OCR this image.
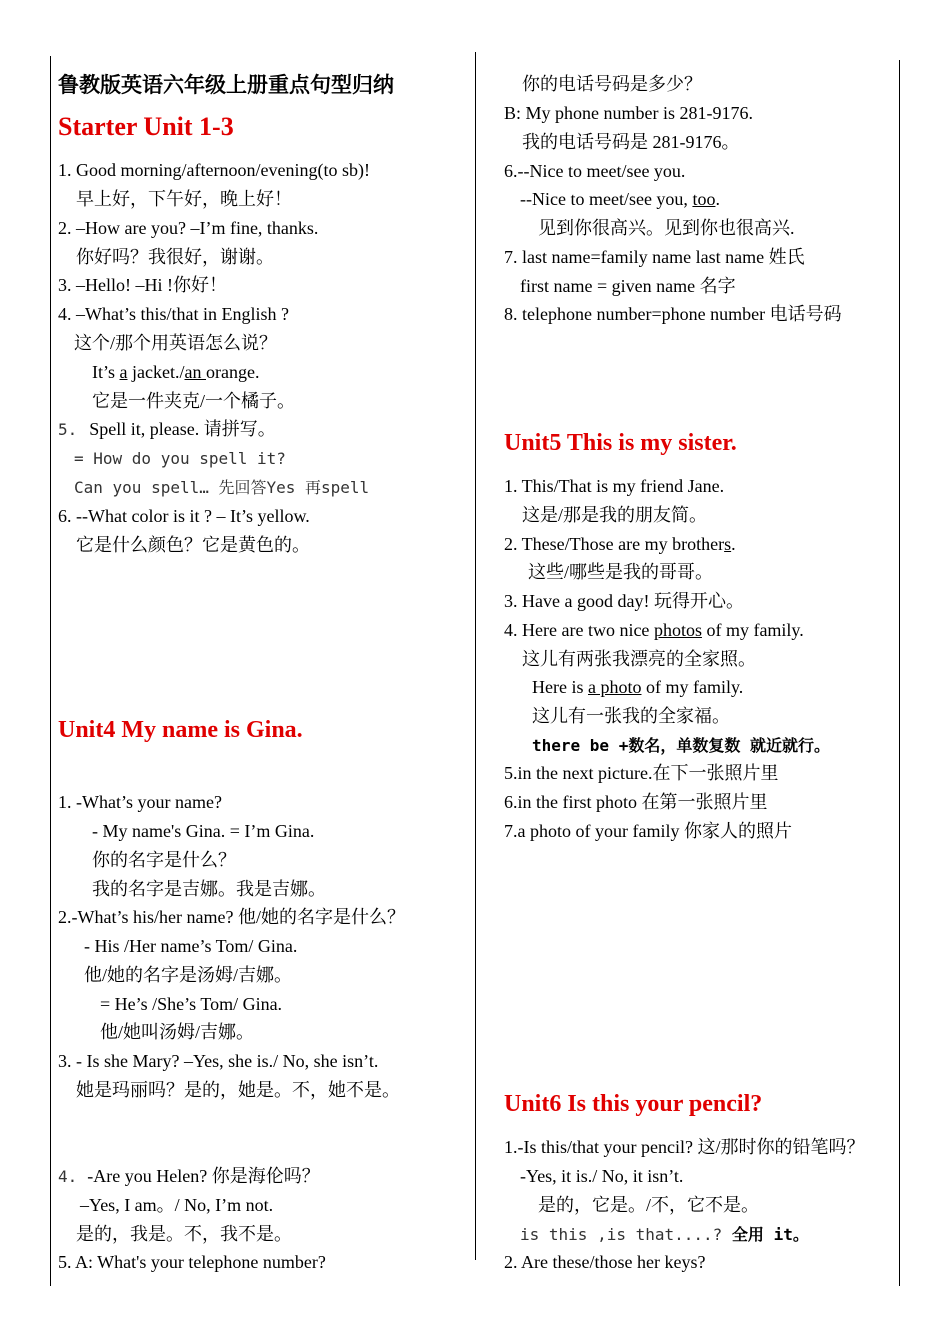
鲁教版英语六年级上册重点句型归纳
Starter Unit 1-3
1. Good morning/afternoon/evening(to sb)!
早上好，下午好，晚上好！
2. –How are you? –I’m fine, thanks.
你好吗？我很好，谢谢。
3. –Hello! –Hi !你好！
4. –What’s this/that in English ?
这个/那个用英语怎么说？
It’s a jacket./an orange.
它是一件夹克/一个橘子。
5. Spell it, please. 请拼写。
= How do you spell it?
Can you spell… 先回答Yes 再spell
6. --What color is it ? – It’s yellow.
它是什么颜色？它是黄色的。
Unit4 My name is Gina.
1. -What’s your name?
- My name's Gina. = I’m Gina.
你的名字是什么？
我的名字是吉娜。我是吉娜。
2.-What’s his/her name? 他/她的名字是什么？
- His /Her name’s Tom/ Gina.
他/她的名字是汤姆/吉娜。
= He’s /She’s Tom/ Gina.
他/她叫汤姆/吉娜。
3. - Is she Mary? –Yes, she is./ No, she isn’t.
她是玛丽吗？是的，她是。不，她不是。
4. -Are you Helen? 你是海伦吗？
–Yes, I am。/ No, I’m not.
是的，我是。不，我不是。
5. A: What's your telephone number?
你的电话号码是多少？
B: My phone number is 281-9176.
我的电话号码是 281-9176。
6.--Nice to meet/see you.
--Nice to meet/see you, too.
见到你很高兴。见到你也很高兴.
7. last name=family name last name 姓氏
first name = given name 名字
8. telephone number=phone number 电话号码
Unit5 This is my sister.
1. This/That is my friend Jane.
这是/那是我的朋友简。
2. These/Those are my brothers.
这些/哪些是我的哥哥。
3. Have a good day! 玩得开心。
4. Here are two nice photos of my family.
这儿有两张我漂亮的全家照。
Here is a photo of my family.
这儿有一张我的全家福。
there be +数名，单数复数 就近就行。
5.in the next picture.在下一张照片里
6.in the first photo 在第一张照片里
7.a photo of your family 你家人的照片
Unit6 Is this your pencil?
1.-Is this/that your pencil? 这/那时你的铅笔吗？
-Yes, it is./ No, it isn’t.
是的，它是。/不，它不是。
is this ,is that....? 全用 it。
2. Are these/those her keys?
